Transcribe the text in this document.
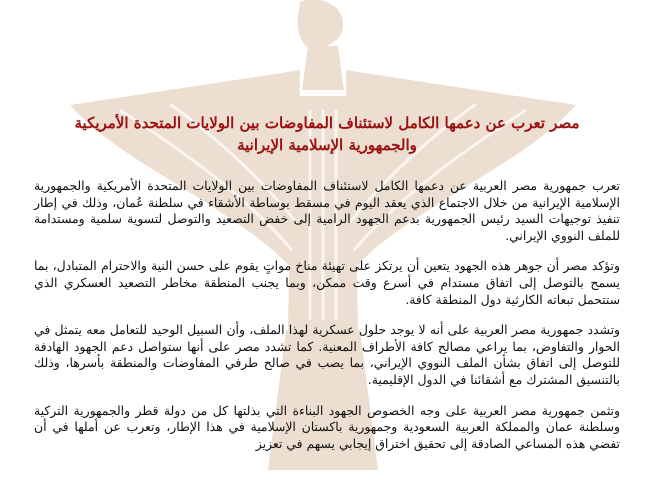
مصر تعرب عن دعمها الكامل لاستئناف المفاوضات بين الولايات المتحدة الأمريكية
والجمهورية الإسلامية الإيرانية

تعرب جمهورية مصر العربية عن دعمها الكامل لاستئناف المفاوضات بين الولايات المتحدة الأمريكية والجمهورية الإسلامية الإيرانية من خلال الاجتماع الذي يعقد اليوم في مسقط بوساطة الأشقاء في سلطنة عُمان، وذلك في إطار تنفيذ توجيهات السيد رئيس الجمهورية بدعم الجهود الرامية إلى خفض التصعيد والتوصل لتسوية سلمية ومستدامة للملف النووي الإيراني.

وتؤكد مصر أن جوهر هذه الجهود يتعين أن يرتكز على تهيئة مناخ مواتٍ يقوم على حسن النية والاحترام المتبادل، بما يسمح بالتوصل إلى اتفاق مستدام في أسرع وقت ممكن، وبما يجنب المنطقة مخاطر التصعيد العسكري الذي ستتحمل تبعاته الكارثية دول المنطقة كافة.

وتشدد جمهورية مصر العربية على أنه لا يوجد حلول عسكرية لهذا الملف، وأن السبيل الوحيد للتعامل معه يتمثل في الحوار والتفاوض، بما يراعي مصالح كافة الأطراف المعنية. كما تشدد مصر على أنها ستواصل دعم الجهود الهادفة للتوصل إلى اتفاق بشأن الملف النووي الإيراني، بما يصب في صالح طرفي المفاوضات والمنطقة بأسرها، وذلك بالتنسيق المشترك مع أشقائنا في الدول الإقليمية.

وتثمن جمهورية مصر العربية على وجه الخصوص الجهود البناءة التي بذلتها كل من دولة قطر والجمهورية التركية وسلطنة عمان والمملكة العربية السعودية وجمهورية باكستان الإسلامية في هذا الإطار، وتعرب عن أملها في أن تفضي هذه المساعي الصادقة إلى تحقيق اختراق إيجابي يسهم في تعزيز
